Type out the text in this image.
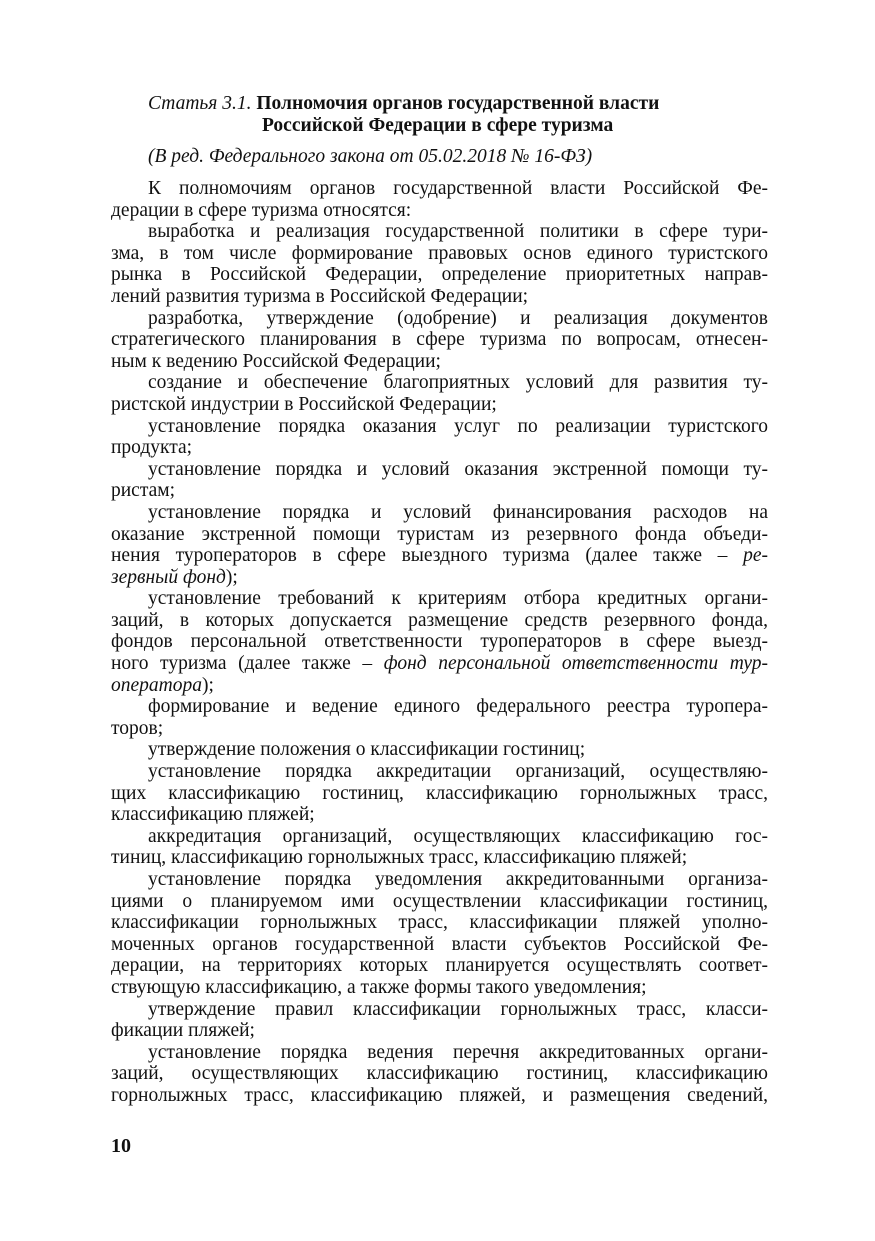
Статья 3.1. Полномочия органов государственной власти
Российской Федерации в сфере туризма
(В ред. Федерального закона от 05.02.2018 № 16-ФЗ)
К полномочиям органов государственной власти Российской Фе-
дерации в сфере туризма относятся:
выработка и реализация государственной политики в сфере тури-
зма, в том числе формирование правовых основ единого туристского
рынка в Российской Федерации, определение приоритетных направ-
лений развития туризма в Российской Федерации;
разработка, утверждение (одобрение) и реализация документов
стратегического планирования в сфере туризма по вопросам, отнесен-
ным к ведению Российской Федерации;
создание и обеспечение благоприятных условий для развития ту-
ристской индустрии в Российской Федерации;
установление порядка оказания услуг по реализации туристского
продукта;
установление порядка и условий оказания экстренной помощи ту-
ристам;
установление порядка и условий финансирования расходов на
оказание экстренной помощи туристам из резервного фонда объеди-
нения туроператоров в сфере выездного туризма (далее также – ре-
зервный фонд);
установление требований к критериям отбора кредитных органи-
заций, в которых допускается размещение средств резервного фонда,
фондов персональной ответственности туроператоров в сфере выезд-
ного туризма (далее также – фонд персональной ответственности тур-
оператора);
формирование и ведение единого федерального реестра туропера-
торов;
утверждение положения о классификации гостиниц;
установление порядка аккредитации организаций, осуществляю-
щих классификацию гостиниц, классификацию горнолыжных трасс,
классификацию пляжей;
аккредитация организаций, осуществляющих классификацию гос-
тиниц, классификацию горнолыжных трасс, классификацию пляжей;
установление порядка уведомления аккредитованными организа-
циями о планируемом ими осуществлении классификации гостиниц,
классификации горнолыжных трасс, классификации пляжей уполно-
моченных органов государственной власти субъектов Российской Фе-
дерации, на территориях которых планируется осуществлять соответ-
ствующую классификацию, а также формы такого уведомления;
утверждение правил классификации горнолыжных трасс, класси-
фикации пляжей;
установление порядка ведения перечня аккредитованных органи-
заций, осуществляющих классификацию гостиниц, классификацию
горнолыжных трасс, классификацию пляжей, и размещения сведений,
10
